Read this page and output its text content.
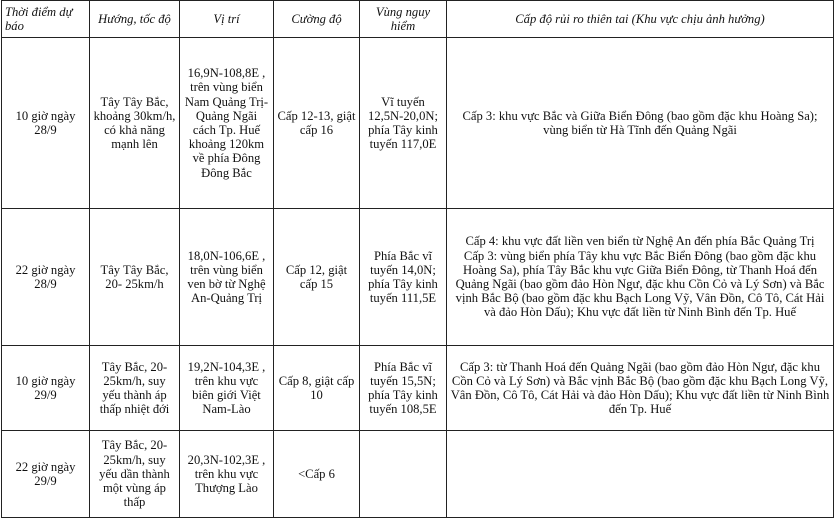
Thời điểm dự báo	Hướng, tốc độ	Vị trí	Cường độ	Vùng nguy hiểm	Cấp độ rủi ro thiên tai (Khu vực chịu ảnh hưởng)
10 giờ ngày 28/9	Tây Tây Bắc, khoảng 30km/h, có khả năng mạnh lên	16,9N-108,8E , trên vùng biển Nam Quảng Trị-Quảng Ngãi cách Tp. Huế khoảng 120km về phía Đông Đông Bắc	Cấp 12-13, giật cấp 16	Vĩ tuyến 12,5N-20,0N; phía Tây kinh tuyến 117,0E	Cấp 3: khu vực Bắc và Giữa Biển Đông (bao gồm đặc khu Hoàng Sa); vùng biển từ Hà Tĩnh đến Quảng Ngãi

22 giờ ngày 28/9	Tây Tây Bắc, 20- 25km/h	18,0N-106,6E , trên vùng biển ven bờ từ Nghệ An-Quảng Trị	Cấp 12, giật cấp 15	Phía Bắc vĩ tuyến 14,0N; phía Tây kinh tuyến 111,5E	Cấp 4: khu vực đất liền ven biển từ Nghệ An đến phía Bắc Quảng Trị
Cấp 3: vùng biển phía Tây khu vực Bắc Biển Đông (bao gồm đặc khu Hoàng Sa), phía Tây Bắc khu vực Giữa Biển Đông, từ Thanh Hoá đến Quảng Ngãi (bao gồm đảo Hòn Ngư, đặc khu Cồn Cỏ và Lý Sơn) và Bắc vịnh Bắc Bộ (bao gồm đặc khu Bạch Long Vỹ, Vân Đồn, Cô Tô, Cát Hải và đảo Hòn Dấu); Khu vực đất liền từ Ninh Bình đến Tp. Huế

10 giờ ngày 29/9	Tây Bắc, 20-25km/h, suy yếu thành áp thấp nhiệt đới	19,2N-104,3E , trên khu vực biên giới Việt Nam-Lào	Cấp 8, giật cấp 10	Phía Bắc vĩ tuyến 15,5N; phía Tây kinh tuyến 108,5E	Cấp 3: từ Thanh Hoá đến Quảng Ngãi (bao gồm đảo Hòn Ngư, đặc khu Cồn Cỏ và Lý Sơn) và Bắc vịnh Bắc Bộ (bao gồm đặc khu Bạch Long Vỹ, Vân Đồn, Cô Tô, Cát Hải và đảo Hòn Dấu); Khu vực đất liền từ Ninh Bình đến Tp. Huế

22 giờ ngày 29/9	Tây Bắc, 20-25km/h, suy yếu dần thành một vùng áp thấp	20,3N-102,3E , trên khu vực Thượng Lào	<Cấp 6		
